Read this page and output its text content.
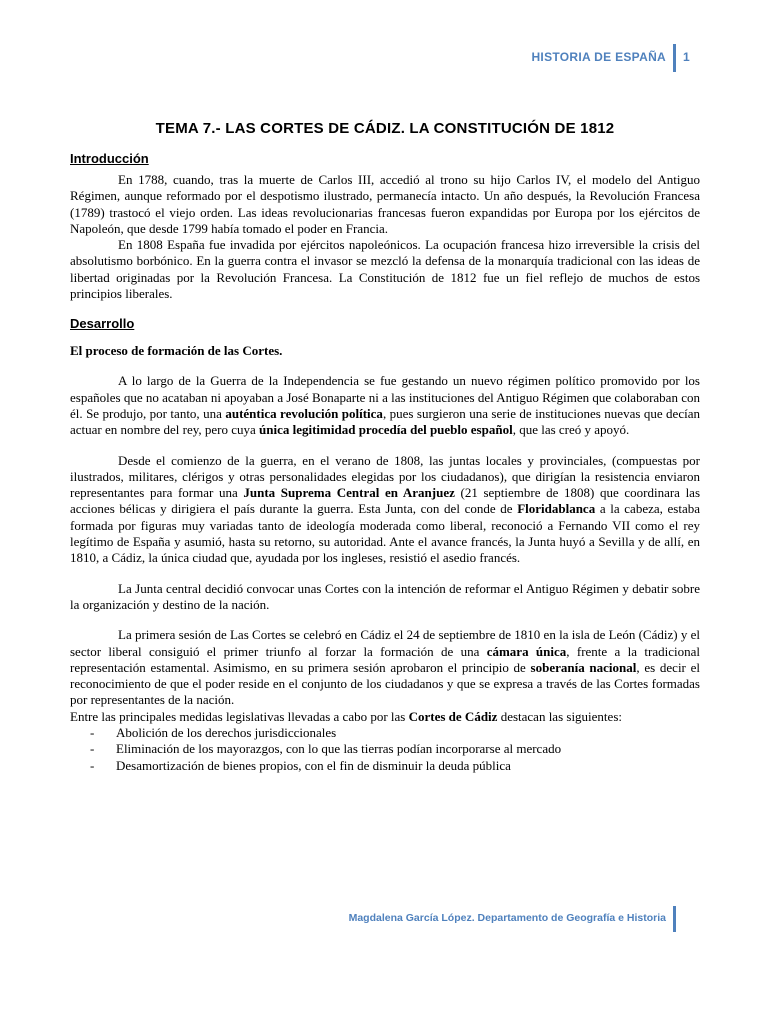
HISTORIA DE ESPAÑA 1
TEMA 7.- LAS CORTES DE CÁDIZ. LA CONSTITUCIÓN DE 1812
Introducción

En 1788, cuando, tras la muerte de Carlos III, accedió al trono su hijo Carlos IV, el modelo del Antiguo Régimen, aunque reformado por el despotismo ilustrado, permanecía intacto. Un año después, la Revolución Francesa (1789) trastocó el viejo orden. Las ideas revolucionarias francesas fueron expandidas por Europa por los ejércitos de Napoleón, que desde 1799 había tomado el poder en Francia.

En 1808 España fue invadida por ejércitos napoleónicos. La ocupación francesa hizo irreversible la crisis del absolutismo borbónico. En la guerra contra el invasor se mezcló la defensa de la monarquía tradicional con las ideas de libertad originadas por la Revolución Francesa. La Constitución de 1812 fue un fiel reflejo de muchos de estos principios liberales.

Desarrollo
El proceso de formación de las Cortes.

A lo largo de la Guerra de la Independencia se fue gestando un nuevo régimen político promovido por los españoles que no acataban ni apoyaban a José Bonaparte ni a las instituciones del Antiguo Régimen que colaboraban con él. Se produjo, por tanto, una auténtica revolución política, pues surgieron una serie de instituciones nuevas que decían actuar en nombre del rey, pero cuya única legitimidad procedía del pueblo español, que las creó y apoyó.

Desde el comienzo de la guerra, en el verano de 1808, las juntas locales y provinciales, (compuestas por ilustrados, militares, clérigos y otras personalidades elegidas por los ciudadanos), que dirigían la resistencia enviaron representantes para formar una Junta Suprema Central en Aranjuez (21 septiembre de 1808) que coordinara las acciones bélicas y dirigiera el país durante la guerra. Esta Junta, con del conde de Floridablanca a la cabeza, estaba formada por figuras muy variadas tanto de ideología moderada como liberal, reconoció a Fernando VII como el rey legítimo de España y asumió, hasta su retorno, su autoridad. Ante el avance francés, la Junta huyó a Sevilla y de allí, en 1810, a Cádiz, la única ciudad que, ayudada por los ingleses, resistió el asedio francés.

La Junta central decidió convocar unas Cortes con la intención de reformar el Antiguo Régimen y debatir sobre la organización y destino de la nación.

La primera sesión de Las Cortes se celebró en Cádiz el 24 de septiembre de 1810 en la isla de León (Cádiz) y el sector liberal consiguió el primer triunfo al forzar la formación de una cámara única, frente a la tradicional representación estamental. Asimismo, en su primera sesión aprobaron el principio de soberanía nacional, es decir el reconocimiento de que el poder reside en el conjunto de los ciudadanos y que se expresa a través de las Cortes formadas por representantes de la nación.

Entre las principales medidas legislativas llevadas a cabo por las Cortes de Cádiz destacan las siguientes:

- Abolición de los derechos jurisdiccionales
- Eliminación de los mayorazgos, con lo que las tierras podían incorporarse al mercado
- Desamortización de bienes propios, con el fin de disminuir la deuda pública
Magdalena García López. Departamento de Geografía e Historia
